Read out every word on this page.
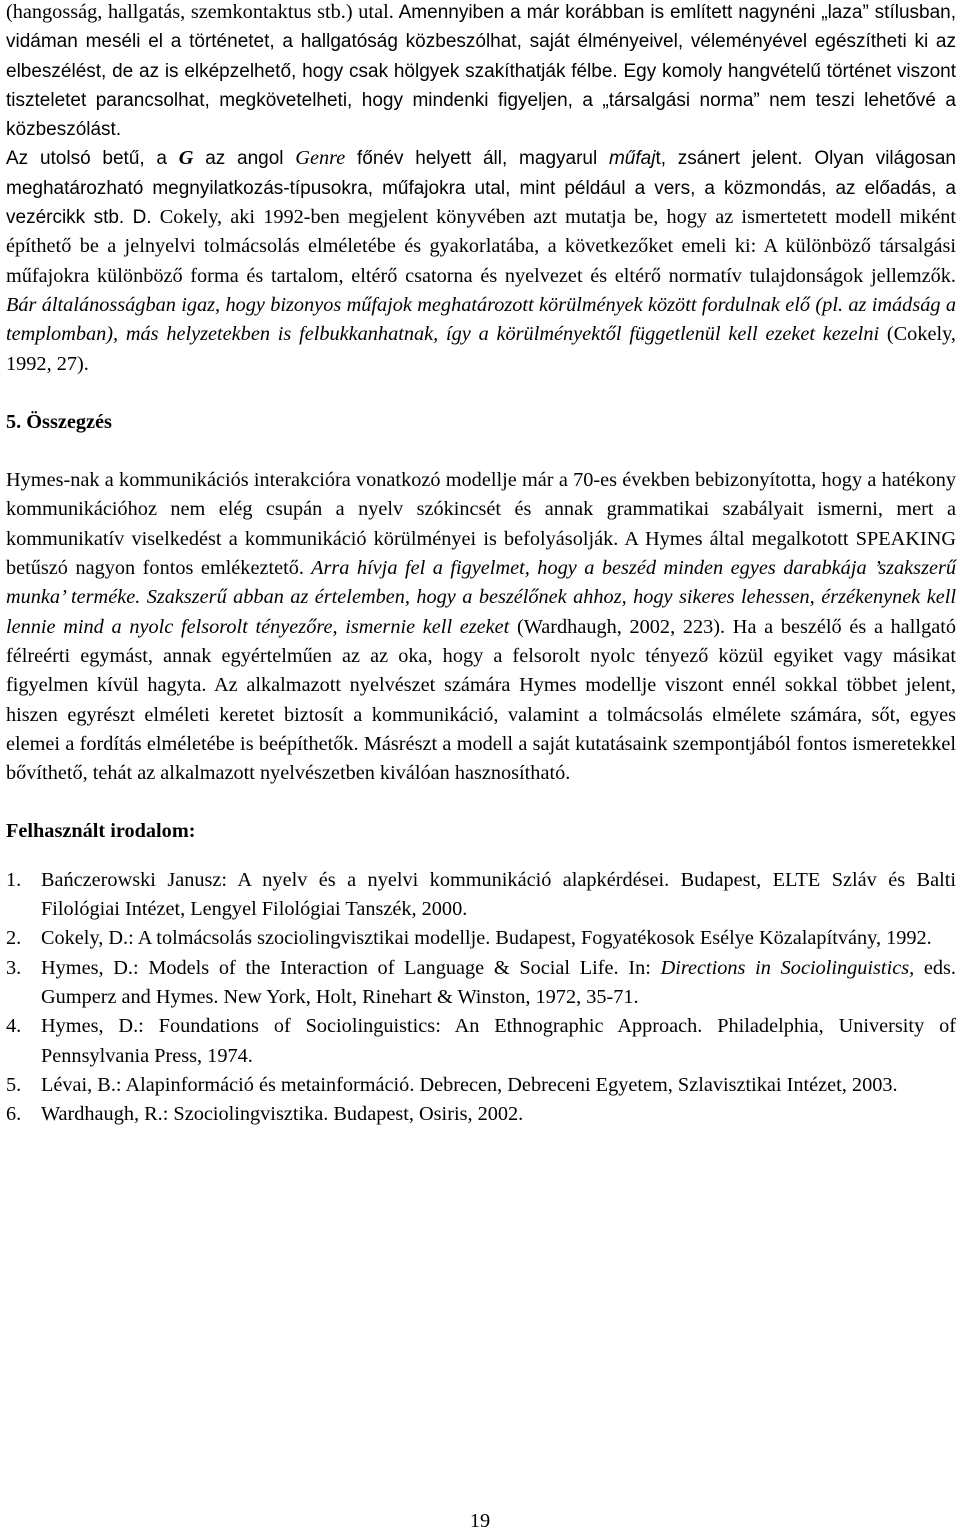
(hangosság, hallgatás, szemkontaktus stb.) utal. Amennyiben a már korábban is említett nagynéni „laza” stílusban, vidáman meséli el a történetet, a hallgatóság közbeszólhat, saját élményeivel, véleményével egészítheti ki az elbeszélést, de az is elképzelhető, hogy csak hölgyek szakíthatják félbe. Egy komoly hangvételű történet viszont tiszteletet parancsolhat, megkövetelheti, hogy mindenki figyeljen, a „társalgási norma” nem teszi lehetővé a közbeszólást.

Az utolsó betű, a G az angol Genre főnév helyett áll, magyarul műfajt, zsánert jelent. Olyan világosan meghatározható megnyilatkozás-típusokra, műfajokra utal, mint például a vers, a közmondás, az előadás, a vezércikk stb. D. Cokely, aki 1992-ben megjelent könyvében azt mutatja be, hogy az ismertetett modell miként építhető be a jelnyelvi tolmácsolás elméletébe és gyakorlatába, a következőket emeli ki: A különböző társalgási műfajokra különböző forma és tartalom, eltérő csatorna és nyelvezet és eltérő normatív tulajdonságok jellemzők. Bár általánosságban igaz, hogy bizonyos műfajok meghatározott körülmények között fordulnak elő (pl. az imádság a templomban), más helyzetekben is felbukkanhatnak, így a körülményektől függetlenül kell ezeket kezelni (Cokely, 1992, 27).

5. Összegzés

Hymes-nak a kommunikációs interakcióra vonatkozó modellje már a 70-es években bebizonyította, hogy a hatékony kommunikációhoz nem elég csupán a nyelv szókincsét és annak grammatikai szabályait ismerni, mert a kommunikatív viselkedést a kommunikáció körülményei is befolyásolják. A Hymes által megalkotott SPEAKING betűszó nagyon fontos emlékeztető. Arra hívja fel a figyelmet, hogy a beszéd minden egyes darabkája ’szakszerű munka’ terméke. Szakszerű abban az értelemben, hogy a beszélőnek ahhoz, hogy sikeres lehessen, érzékenynek kell lennie mind a nyolc felsorolt tényezőre, ismernie kell ezeket (Wardhaugh, 2002, 223). Ha a beszélő és a hallgató félreérti egymást, annak egyértelműen az az oka, hogy a felsorolt nyolc tényező közül egyiket vagy másikat figyelmen kívül hagyta. Az alkalmazott nyelvészet számára Hymes modellje viszont ennél sokkal többet jelent, hiszen egyrészt elméleti keretet biztosít a kommunikáció, valamint a tolmácsolás elmélete számára, sőt, egyes elemei a fordítás elméletébe is beépíthetők. Másrészt a modell a saját kutatásaink szempontjából fontos ismeretekkel bővíthető, tehát az alkalmazott nyelvészetben kiválóan hasznosítható.

Felhasznált irodalom:
1. Bańczerowski Janusz: A nyelv és a nyelvi kommunikáció alapkérdései. Budapest, ELTE Szláv és Balti Filológiai Intézet, Lengyel Filológiai Tanszék, 2000.
2. Cokely, D.: A tolmácsolás szociolingvisztikai modellje. Budapest, Fogyatékosok Esélye Közalapítvány, 1992.
3. Hymes, D.: Models of the Interaction of Language & Social Life. In: Directions in Sociolinguistics, eds. Gumperz and Hymes. New York, Holt, Rinehart & Winston, 1972, 35-71.
4. Hymes, D.: Foundations of Sociolinguistics: An Ethnographic Approach. Philadelphia, University of Pennsylvania Press, 1974.
5. Lévai, B.: Alapinformáció és metainformáció. Debrecen, Debreceni Egyetem, Szlavisztikai Intézet, 2003.
6. Wardhaugh, R.: Szociolingvisztika. Budapest, Osiris, 2002.
19
